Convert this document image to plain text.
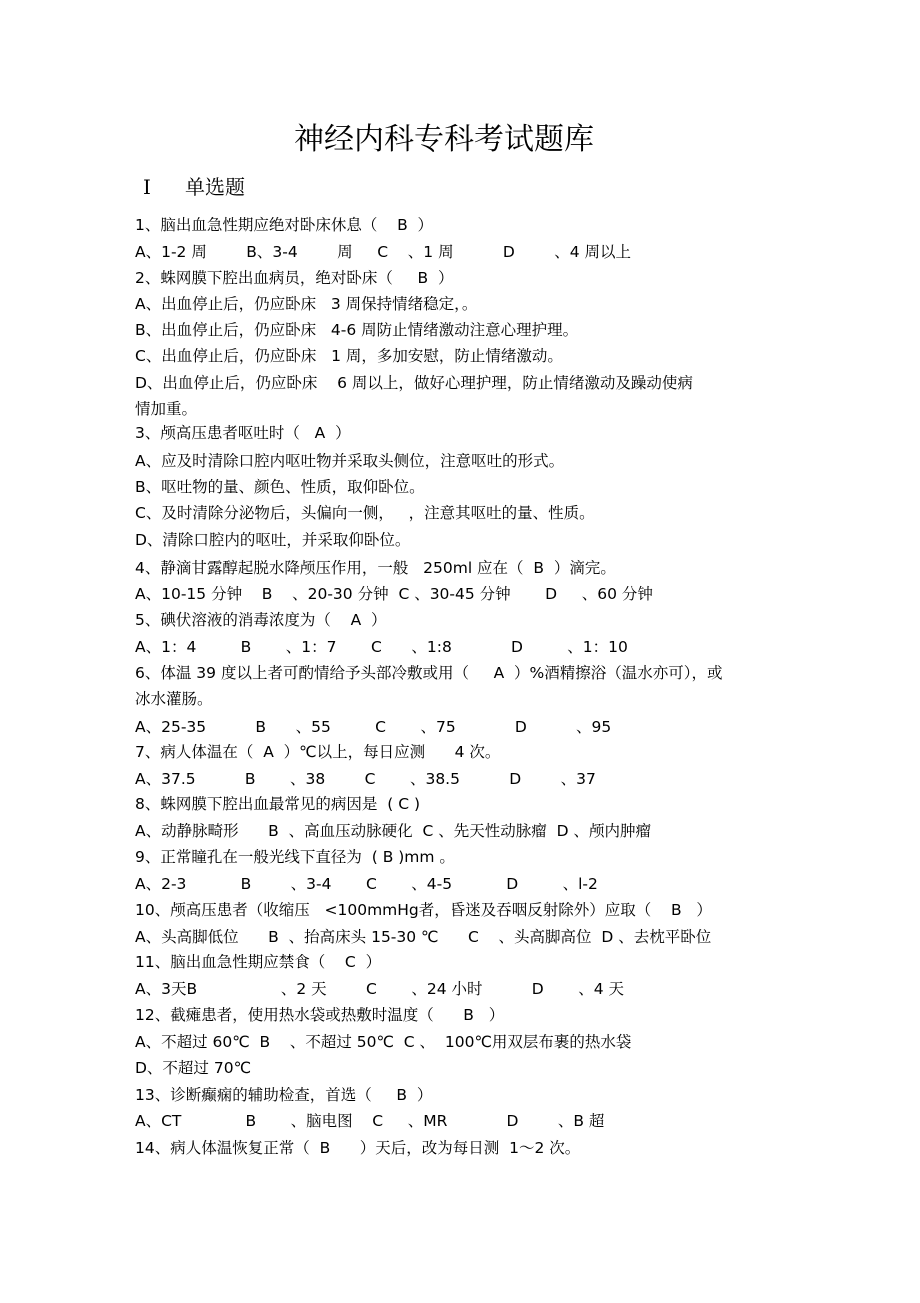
神经内科专科考试题库
Ⅰ 单选题
1、脑出血急性期应绝对卧床休息（    B  ）
A、1-2 周        B、3-4        周     C    、1 周          D        、4 周以上
2、蛛网膜下腔出血病员，绝对卧床（     B  ）
A、出血停止后，仍应卧床   3 周保持情绪稳定，。
B、出血停止后，仍应卧床   4-6 周防止情绪激动注意心理护理。
C、出血停止后，仍应卧床   1 周，多加安慰，防止情绪激动。
D、出血停止后，仍应卧床    6 周以上，做好心理护理，防止情绪激动及躁动使病
情加重。
3、颅高压患者呕吐时（   A  ）
A、应及时清除口腔内呕吐物并采取头侧位，注意呕吐的形式。
B、呕吐物的量、颜色、性质，取仰卧位。
C、及时清除分泌物后，头偏向一侧，   ，注意其呕吐的量、性质。
D、清除口腔内的呕吐，并采取仰卧位。
4、静滴甘露醇起脱水降颅压作用，一般   250ml 应在（  B  ）滴完。
A、10-15 分钟    B    、20-30 分钟  C 、30-45 分钟       D     、60 分钟
5、碘伏溶液的消毒浓度为（    A  ）
A、1：4         B       、1：7       C      、1:8            D         、1：10
6、体温 39 度以上者可酌情给予头部冷敷或用（     A  ）%酒精擦浴（温水亦可），或
冰水灌肠。
A、25-35          B      、55         C       、75            D          、95
7、病人体温在（  A  ）℃以上，每日应测      4 次。
A、37.5          B       、38        C       、38.5          D        、37
8、蛛网膜下腔出血最常见的病因是  ( C )
A、动静脉畸形      B  、高血压动脉硬化  C 、先天性动脉瘤  D 、颅内肿瘤
9、正常瞳孔在一般光线下直径为  ( B )mm 。
A、2-3           B        、3-4       C       、4-5           D         、l-2
10、颅高压患者（收缩压   <100mmHg者，昏迷及吞咽反射除外）应取（    B   ）
A、头高脚低位      B  、抬高床头 15-30 ℃      C    、头高脚高位  D 、去枕平卧位
11、脑出血急性期应禁食（    C  ）
A、3天B                 、2 天        C       、24 小时          D       、4 天
12、截瘫患者，使用热水袋或热敷时温度（      B   ）
A、不超过 60℃  B    、不超过 50℃  C 、  100℃用双层布裹的热水袋
D、不超过 70℃
13、诊断癫痫的辅助检查，首选（     B  ）
A、CT             B       、脑电图    C     、MR            D        、B 超
14、病人体温恢复正常（  B      ）天后，改为每日测  1～2 次。
